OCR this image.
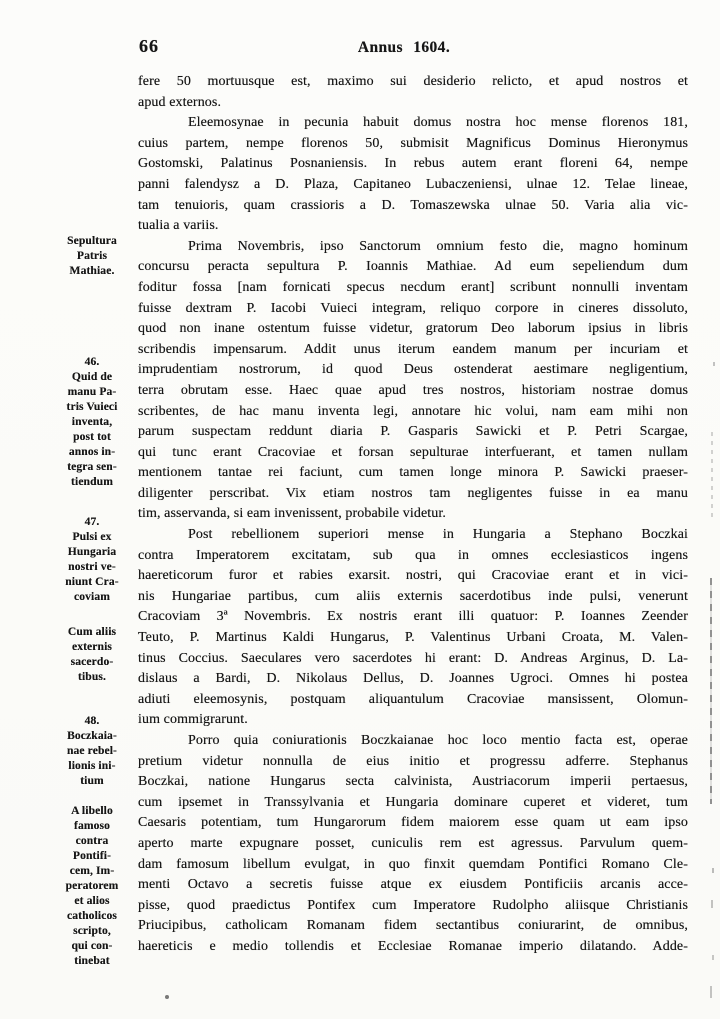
66	Annus 1604.
Sepultura
Patris
Mathiae.
46.
Quid de
manu Pa-
tris Vuieci
inventa,
post tot
annos in-
tegra sen-
tiendum
47.
Pulsi ex
Hungaria
nostri ve-
niunt Cra-
coviam
Cum aliis
externis
sacerdo-
tibus.
48.
Boczkaia-
nae rebel-
lionis ini-
tium
A libello
famoso
contra
Pontifi-
cem, Im-
peratorem
et alios
catholicos
scripto,
qui con-
tinebat
fere 50 mortuusque est, maximo sui desiderio relicto, et apud nostros et
apud externos.
Eleemosynae in pecunia habuit domus nostra hoc mense florenos 181,
cuius partem, nempe florenos 50, submisit Magnificus Dominus Hieronymus
Gostomski, Palatinus Posnaniensis. In rebus autem erant floreni 64, nempe
panni falendysz a D. Plaza, Capitaneo Lubaczeniensi, ulnae 12. Telae lineae,
tam tenuioris, quam crassioris a D. Tomaszewska ulnae 50. Varia alia vic-
tualia a variis.
Prima Novembris, ipso Sanctorum omnium festo die, magno hominum
concursu peracta sepultura P. Ioannis Mathiae. Ad eum sepeliendum dum
foditur fossa [nam fornicati specus necdum erant] scribunt nonnulli inventam
fuisse dextram P. Iacobi Vuieci integram, reliquo corpore in cineres dissoluto,
quod non inane ostentum fuisse videtur, gratorum Deo laborum ipsius in libris
scribendis impensarum. Addit unus iterum eandem manum per incuriam et
imprudentiam nostrorum, id quod Deus ostenderat aestimare negligentium,
terra obrutam esse. Haec quae apud tres nostros, historiam nostrae domus
scribentes, de hac manu inventa legi, annotare hic volui, nam eam mihi non
parum suspectam reddunt diaria P. Gasparis Sawicki et P. Petri Scargae,
qui tunc erant Cracoviae et forsan sepulturae interfuerant, et tamen nullam
mentionem tantae rei faciunt, cum tamen longe minora P. Sawicki praeser-
diligenter perscribat. Vix etiam nostros tam negligentes fuisse in ea manu
tim, asservanda, si eam invenissent, probabile videtur.
Post rebellionem superiori mense in Hungaria a Stephano Boczkai
contra Imperatorem excitatam, sub qua in omnes ecclesiasticos ingens
haereticorum furor et rabies exarsit. nostri, qui Cracoviae erant et in vici-
nis Hungariae partibus, cum aliis externis sacerdotibus inde pulsi, venerunt
Cracoviam 3ª Novembris. Ex nostris erant illi quatuor: P. Ioannes Zeender
Teuto, P. Martinus Kaldi Hungarus, P. Valentinus Urbani Croata, M. Valen-
tinus Coccius. Saeculares vero sacerdotes hi erant: D. Andreas Arginus, D. La-
dislaus a Bardi, D. Nikolaus Dellus, D. Joannes Ugroci. Omnes hi postea
adiuti eleemosynis, postquam aliquantulum Cracoviae mansissent, Olomun-
ium commigrarunt.
Porro quia coniurationis Boczkaianae hoc loco mentio facta est, operae
pretium videtur nonnulla de eius initio et progressu adferre. Stephanus
Boczkai, natione Hungarus secta calvinista, Austriacorum imperii pertaesus,
cum ipsemet in Transsylvania et Hungaria dominare cuperet et videret, tum
Caesaris potentiam, tum Hungarorum fidem maiorem esse quam ut eam ipso
aperto marte expugnare posset, cuniculis rem est agressus. Parvulum quem-
dam famosum libellum evulgat, in quo finxit quemdam Pontifici Romano Cle-
menti Octavo a secretis fuisse atque ex eiusdem Pontificiis arcanis acce-
pisse, quod praedictus Pontifex cum Imperatore Rudolpho aliisque Christianis
Priucipibus, catholicam Romanam fidem sectantibus coniurarint, de omnibus,
haereticis e medio tollendis et Ecclesiae Romanae imperio dilatando. Adde-
